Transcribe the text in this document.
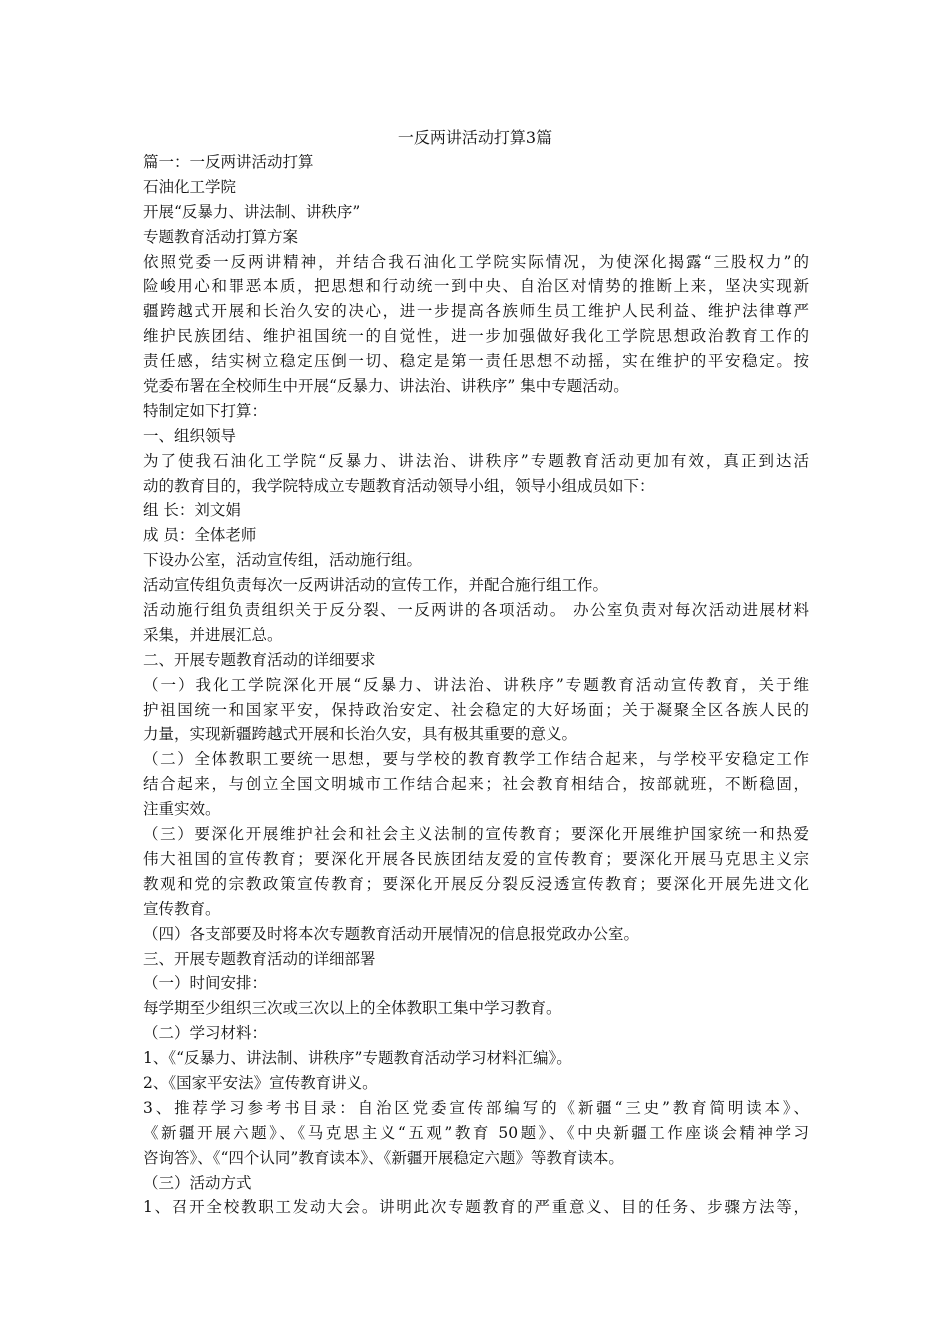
一反两讲活动打算3篇
篇一：一反两讲活动打算
石油化工学院
开展“反暴力、讲法制、讲秩序”
专题教育活动打算方案
依照党委一反两讲精神，并结合我石油化工学院实际情况，为使深化揭露“三股权力”的
险峻用心和罪恶本质，把思想和行动统一到中央、自治区对情势的推断上来，坚决实现新
疆跨越式开展和长治久安的决心，进一步提高各族师生员工维护人民利益、维护法律尊严
维护民族团结、维护祖国统一的自觉性，进一步加强做好我化工学院思想政治教育工作的
责任感，结实树立稳定压倒一切、稳定是第一责任思想不动摇，实在维护的平安稳定。按
党委布署在全校师生中开展“反暴力、讲法治、讲秩序” 集中专题活动。
特制定如下打算：
一、组织领导
为了使我石油化工学院“反暴力、讲法治、讲秩序”专题教育活动更加有效，真正到达活
动的教育目的，我学院特成立专题教育活动领导小组，领导小组成员如下：
组 长：刘文娟
成 员：全体老师
下设办公室，活动宣传组，活动施行组。
活动宣传组负责每次一反两讲活动的宣传工作，并配合施行组工作。
活动施行组负责组织关于反分裂、一反两讲的各项活动。 办公室负责对每次活动进展材料
采集，并进展汇总。
二、开展专题教育活动的详细要求
（一）我化工学院深化开展“反暴力、讲法治、讲秩序”专题教育活动宣传教育，关于维
护祖国统一和国家平安，保持政治安定、社会稳定的大好场面；关于凝聚全区各族人民的
力量，实现新疆跨越式开展和长治久安，具有极其重要的意义。
（二）全体教职工要统一思想，要与学校的教育教学工作结合起来，与学校平安稳定工作
结合起来，与创立全国文明城市工作结合起来；社会教育相结合，按部就班，不断稳固，
注重实效。
（三）要深化开展维护社会和社会主义法制的宣传教育；要深化开展维护国家统一和热爱
伟大祖国的宣传教育；要深化开展各民族团结友爱的宣传教育；要深化开展马克思主义宗
教观和党的宗教政策宣传教育；要深化开展反分裂反浸透宣传教育；要深化开展先进文化
宣传教育。
（四）各支部要及时将本次专题教育活动开展情况的信息报党政办公室。
三、开展专题教育活动的详细部署
（一）时间安排：
每学期至少组织三次或三次以上的全体教职工集中学习教育。
（二）学习材料：
1、《“反暴力、讲法制、讲秩序”专题教育活动学习材料汇编》。
2、《国家平安法》宣传教育讲义。
3、推荐学习参考书目录：自治区党委宣传部编写的《新疆“三史”教育简明读本》、
《新疆开展六题》、《马克思主义“五观”教育 50题》、《中央新疆工作座谈会精神学习
咨询答》、《“四个认同”教育读本》、《新疆开展稳定六题》等教育读本。
（三）活动方式
1、召开全校教职工发动大会。讲明此次专题教育的严重意义、目的任务、步骤方法等，
